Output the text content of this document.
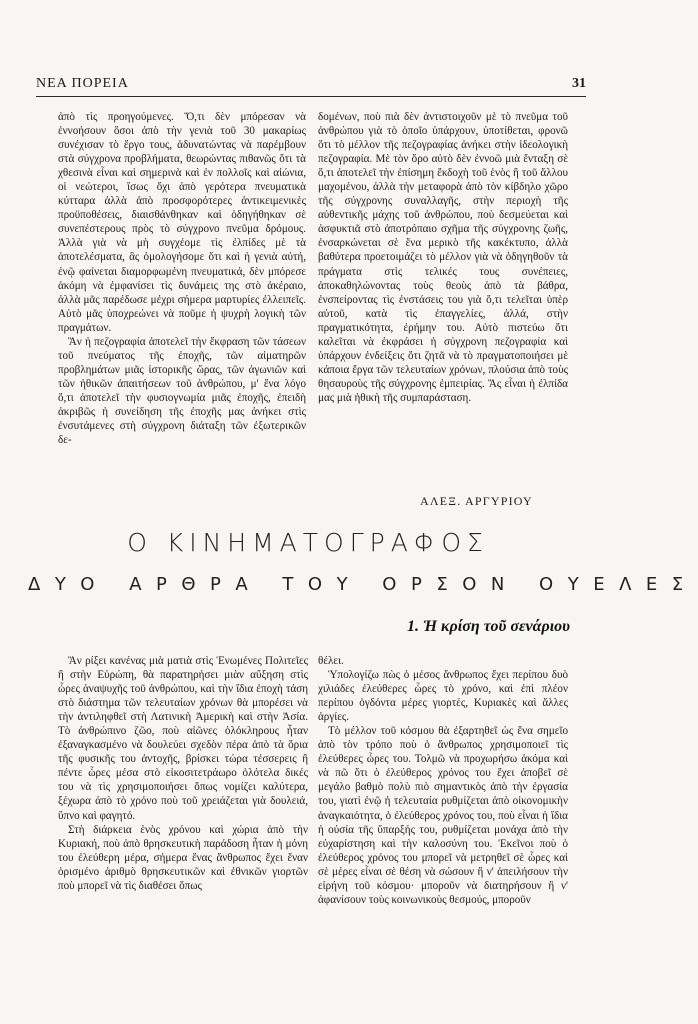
ΝΕΑ ΠΟΡΕΙΑ	31

ἀπὸ τὶς προηγούμενες. Ὅ,τι δὲν μπόρεσαν νὰ ἐννοήσουν ὅσοι ἀπὸ τὴν γενιὰ τοῦ 30 μακαρίως συνέχισαν τὸ ἔργο τους, ἀδυνατώντας νὰ παρέμβουν στὰ σύγχρονα προβλήματα, θεωρώντας πιθανῶς ὅτι τὰ χθεσινὰ εἶναι καὶ σημερινὰ καὶ ἐν πολλοῖς καὶ αἰώνια, οἱ νεώτεροι, ἴσως ὄχι ἀπὸ γερότερα πνευματικὰ κύτταρα ἀλλὰ ἀπὸ προσφορότερες ἀντικειμενικὲς προϋποθέσεις, διαισθάνθηκαν καὶ ὁδηγήθηκαν σὲ συνεπέστερους πρὸς τὸ σύγχρονο πνεῦμα δρόμους. Ἀλλὰ γιὰ νὰ μὴ συγχέομε τὶς ἐλπίδες μὲ τὰ ἀποτελέσματα, ἂς ὁμολογήσομε ὅτι καὶ ἡ γενιὰ αὐτή, ἐνῷ φαίνεται διαμορφωμένη πνευματικά, δὲν μπόρεσε ἀκόμη νὰ ἐμφανίσει τὶς δυνάμεις της στὸ ἀκέραιο, ἀλλὰ μᾶς παρέδωσε μέχρι σήμερα μαρτυρίες ἐλλειπεῖς. Αὐτὸ μᾶς ὑποχρεώνει νὰ ποῦμε ἡ ψυχρὴ λογικὴ τῶν πραγμάτων.

Ἂν ἡ πεζογραφία ἀποτελεῖ τὴν ἔκφραση τῶν τάσεων τοῦ πνεύματος τῆς ἐποχῆς, τῶν αἱματηρῶν προβλημάτων μιᾶς ἱστορικῆς ὥρας, τῶν ἀγωνιῶν καὶ τῶν ἠθικῶν ἀπαιτήσεων τοῦ ἀνθρώπου, μ' ἕνα λόγο ὅ,τι ἀποτελεῖ τὴν φυσιογνωμία μιᾶς ἐποχῆς, ἐπειδὴ ἀκριβῶς ἡ συνείδηση τῆς ἐποχῆς μας ἀνήκει στὶς ἐνσυτάμενες στὴ σύγχρονη διάταξη τῶν ἐξωτερικῶν δε-

δομένων, ποὺ πιὰ δὲν ἀντιστοιχοῦν μὲ τὸ πνεῦμα τοῦ ἀνθρώπου γιὰ τὸ ὁποῖο ὑπάρχουν, ὑποτίθεται, φρονῶ ὅτι τὸ μέλλον τῆς πεζογραφίας ἀνήκει στὴν ἰδεολογικὴ πεζογραφία. Μὲ τὸν ὅρο αὐτὸ δὲν ἐννοῶ μιὰ ἔνταξη σὲ ὅ,τι ἀποτελεῖ τὴν ἐπίσημη ἔκδοχὴ τοῦ ἑνὸς ἢ τοῦ ἄλλου μαχομένου, ἀλλὰ τὴν μεταφορὰ ἀπὸ τὸν κίβδηλο χῶρο τῆς σύγχρονης συναλλαγῆς, στὴν περιοχὴ τῆς αὐθεντικῆς μάχης τοῦ ἀνθρώπου, ποὺ δεσμεύεται καὶ ἀσφυκτιᾶ στὸ ἀποτρόπαιο σχῆμα τῆς σύγχρονης ζωῆς, ἐνσαρκώνεται σὲ ἕνα μερικὸ τῆς κακέκτυπο, ἀλλὰ βαθύτερα προετοιμάζει τὸ μέλλον γιὰ νὰ ὁδηγηθοῦν τὰ πράγματα στὶς τελικές τους συνέπειες, ἀποκαθηλώνοντας τοὺς θεοὺς ἀπὸ τὰ βάθρα, ἐνσπείροντας τὶς ἐνστάσεις του γιὰ ὅ,τι τελεῖται ὑπὲρ αὐτοῦ, κατὰ τὶς ἐπαγγελίες, ἀλλά, στὴν πραγματικότητα, ἐρήμην του. Αὐτὸ πιστεύω ὅτι καλεῖται νὰ ἐκφράσει ἡ σύγχρονη πεζογραφία καὶ ὑπάρχουν ἐνδείξεις ὅτι ζητᾶ νὰ τὸ πραγματοποιήσει μὲ κάποια ἔργα τῶν τελευταίων χρόνων, πλούσια ἀπὸ τοὺς θησαυροὺς τῆς σύγχρονης ἐμπειρίας. Ἂς εἶναι ἡ ἐλπίδα μας μιὰ ἠθικὴ τῆς συμπαράσταση.

ΑΛΕΞ. ΑΡΓΥΡΙΟΥ
Ο ΚΙΝΗΜΑΤΟΓΡΑΦΟΣ
ΔΥΟ ΑΡΘΡΑ ΤΟΥ ΟΡΣΟΝ ΟΥΕΛΕΣ
1. Ἡ κρίση τοῦ σενάριου

Ἂν ρίξει κανένας μιὰ ματιὰ στὶς Ἑνωμένες Πολιτεῖες ἢ στὴν Εὐρώπη, θὰ παρατηρήσει μιὰν αὔξηση στὶς ὧρες ἀναψυχῆς τοῦ ἀνθρώπου, καὶ τὴν ἴδια ἐποχὴ τάση στὸ διάστημα τῶν τελευταίων χρόνων θὰ μπορέσει νὰ τὴν ἀντιληφθεῖ στὴ Λατινικὴ Ἀμερικὴ καὶ στὴν Ἀσία. Τὸ ἀνθρώπινο ζῶο, ποὺ αἰῶνες ὁλόκληρους ἦταν ἐξαναγκασμένο νὰ δουλεύει σχεδὸν πέρα ἀπὸ τὰ ὅρια τῆς φυσικῆς του ἀντοχῆς, βρίσκει τώρα τέσσερεις ἢ πέντε ὧρες μέσα στὸ εἰκοσιτετράωρο ὁλότελα δικές του νὰ τὶς χρησιμοποιήσει ὅπως νομίζει καλύτερα, ξέχωρα ἀπὸ τὸ χρόνο ποὺ τοῦ χρειάζεται γιὰ δουλειά, ὕπνο καὶ φαγητό.

Στὴ διάρκεια ἑνὸς χρόνου καὶ χώρια ἀπὸ τὴν Κυριακή, ποὺ ἀπὸ θρησκευτικὴ παράδοση ἦταν ἡ μόνη του ἐλεύθερη μέρα, σήμερα ἕνας ἄνθρωπος ἔχει ἕναν ὁρισμένο ἀριθμὸ θρησκευτικῶν καὶ ἐθνικῶν γιορτῶν ποὺ μπορεῖ νὰ τὶς διαθέσει ὅπως

θέλει.

Ὑπολογίζω πὼς ὁ μέσος ἄνθρωπος ἔχει περίπου δυὸ χιλιάδες ἐλεύθερες ὧρες τὸ χρόνο, καὶ ἐπὶ πλέον περίπου ὀγδόντα μέρες γιορτές, Κυριακὲς καὶ ἄλλες ἀργίες.

Τὸ μέλλον τοῦ κόσμου θὰ ἐξαρτηθεῖ ὡς ἕνα σημεῖο ἀπὸ τὸν τρόπο ποὺ ὁ ἄνθρωπος χρησιμοποιεῖ τὶς ἐλεύθερες ὧρες του. Τολμῶ νὰ προχωρήσω ἀκόμα καὶ νὰ πῶ ὅτι ὁ ἐλεύθερος χρόνος του ἔχει ἀποβεῖ σὲ μεγάλο βαθμὸ πολὺ πιὸ σημαντικὸς ἀπὸ τὴν ἐργασία του, γιατὶ ἐνῷ ἡ τελευταία ρυθμίζεται ἀπὸ οἰκονομικὴν ἀναγκαιότητα, ὁ ἐλεύθερος χρόνος του, ποὺ εἶναι ἡ ἴδια ἡ οὐσία τῆς ὕπαρξής του, ρυθμίζεται μονάχα ἀπὸ τὴν εὐχαρίστηση καὶ τὴν καλοσύνη του. Ἐκεῖνοι ποὺ ὁ ἐλεύθερος χρόνος του μπορεῖ νὰ μετρηθεῖ σὲ ὧρες καὶ σὲ μέρες εἶναι σὲ θέση νὰ σώσουν ἢ ν' ἀπειλήσουν τὴν εἰρήνη τοῦ κόσμου· μποροῦν νὰ διατηρήσουν ἢ ν' ἀφανίσουν τοὺς κοινωνικοὺς θεσμούς, μποροῦν
